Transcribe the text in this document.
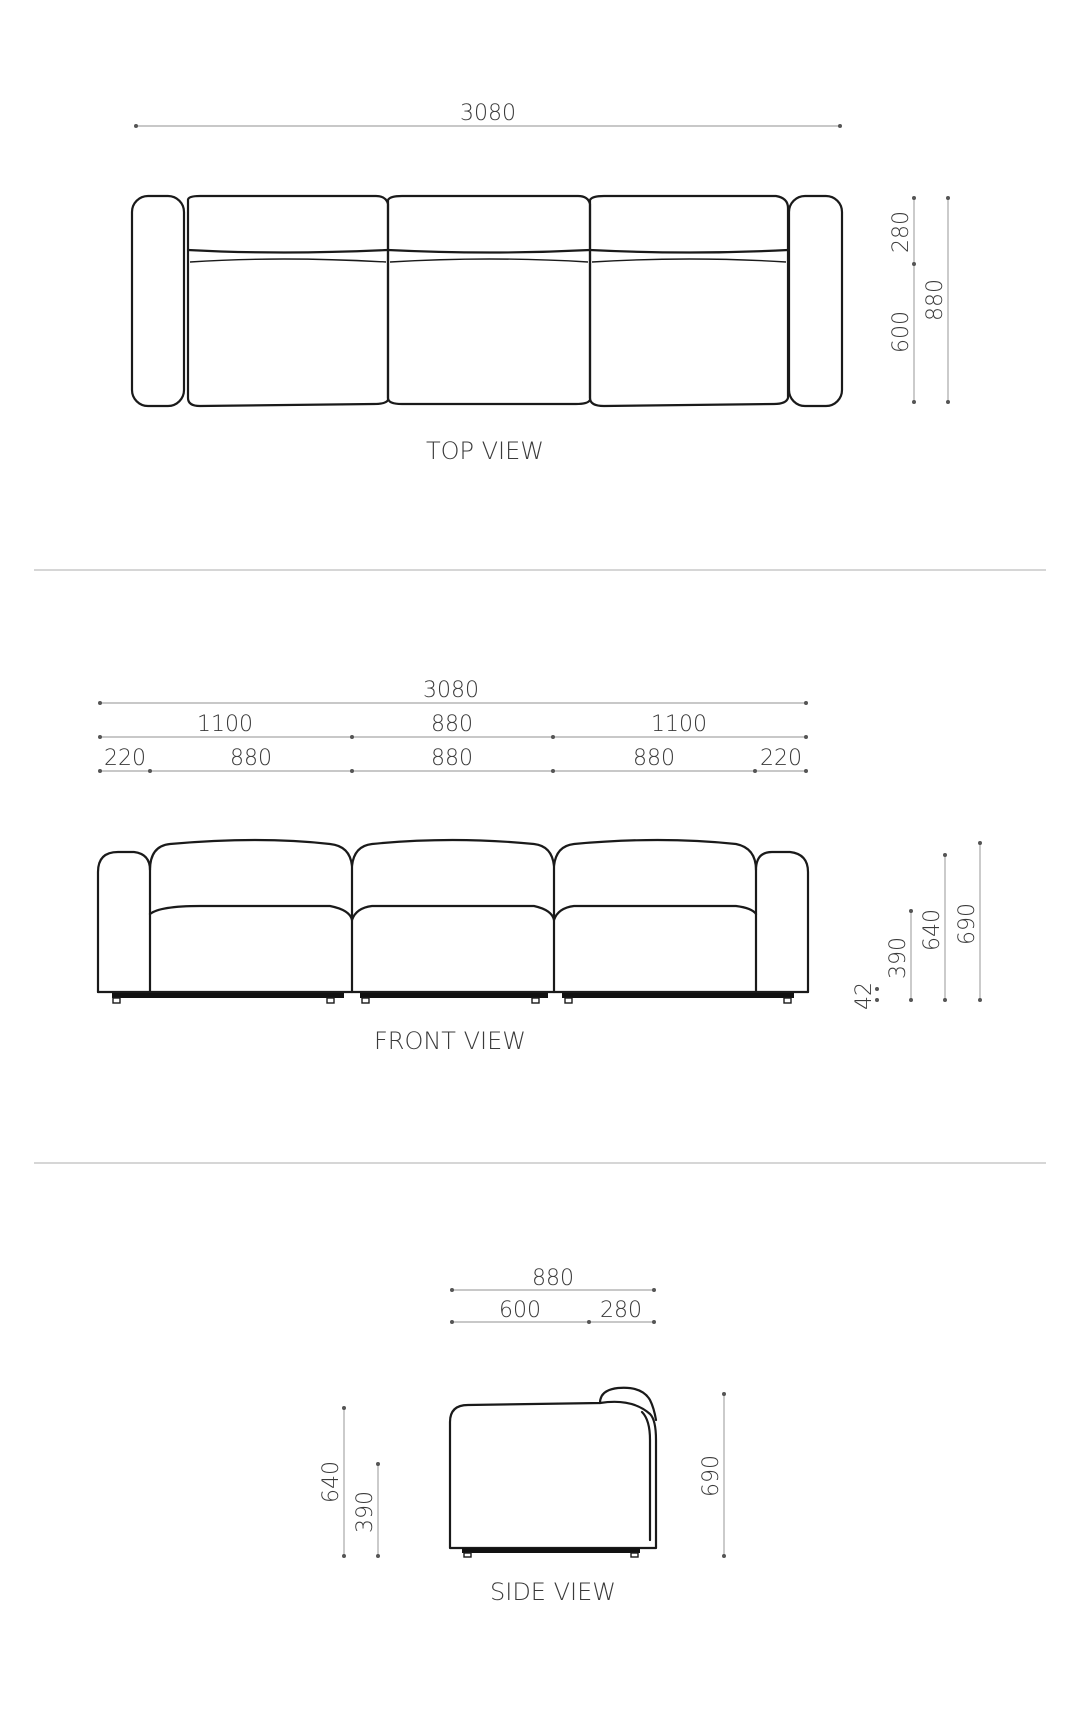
3080
280
600
880
TOP VIEW
3080
1100	880	1100
220	880	880	880	220
42
390
640 690
FRONT VIEW
880
600	280
640
390
690
SIDE VIEW
